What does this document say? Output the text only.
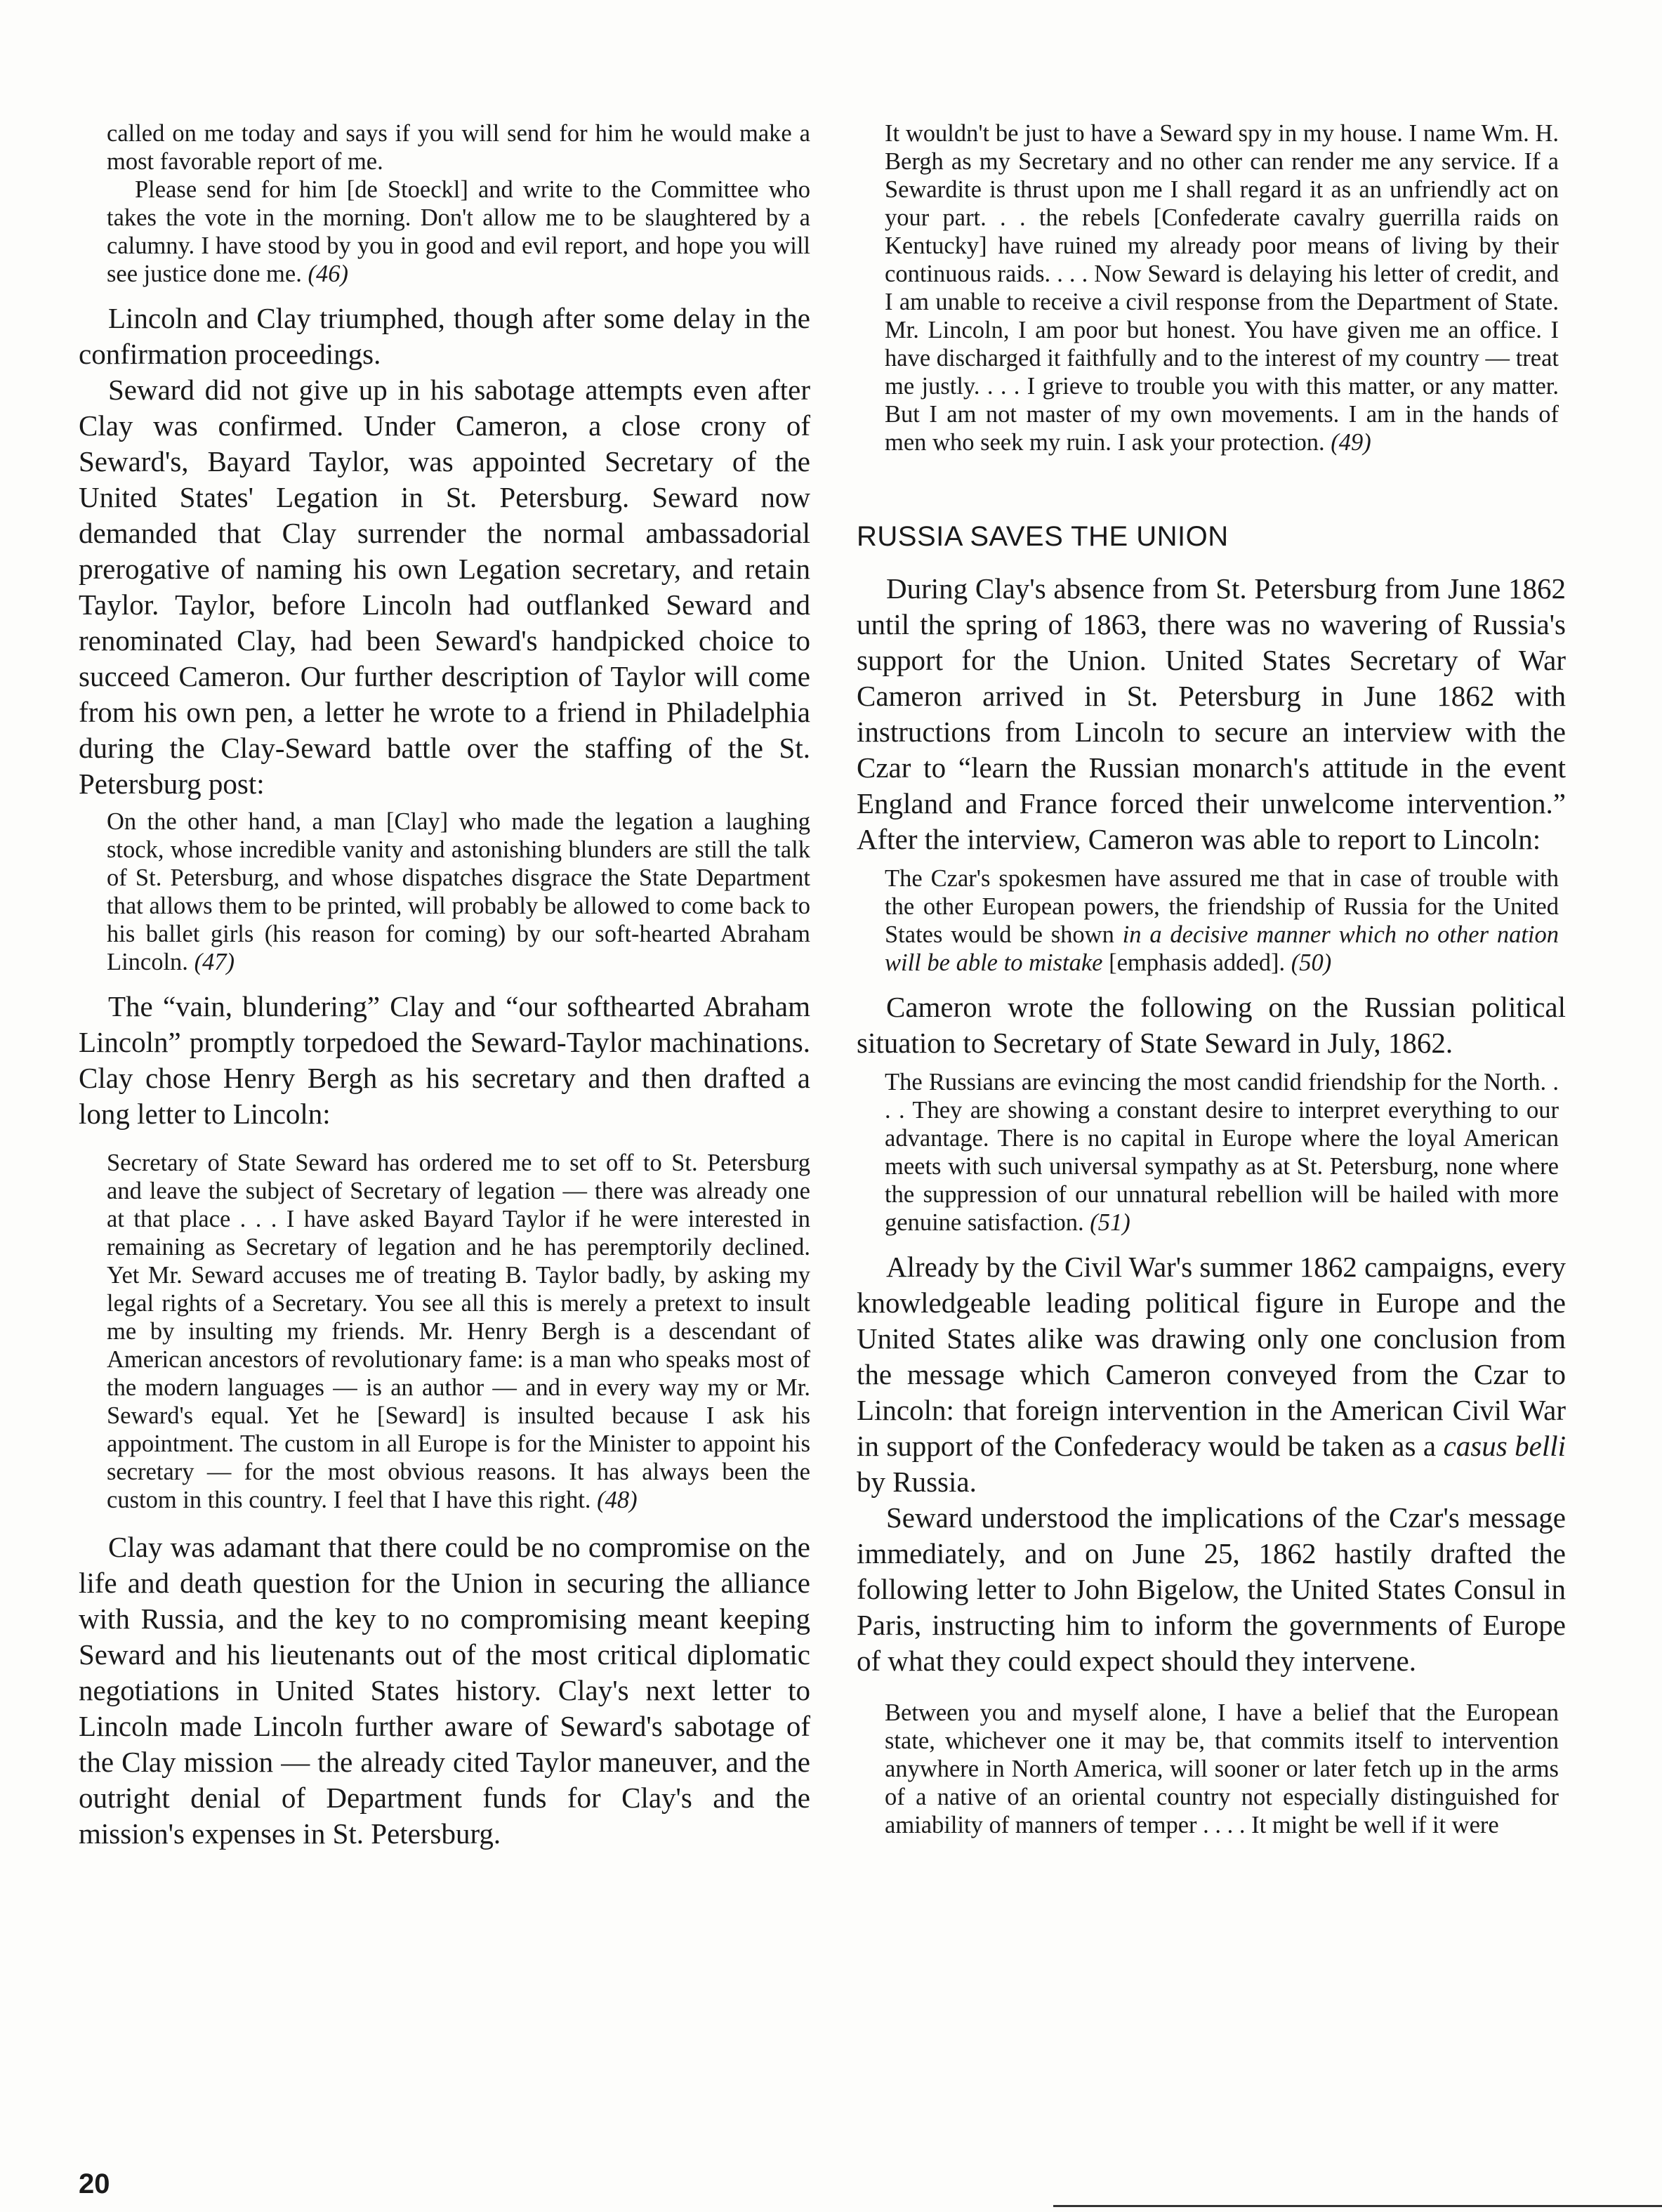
called on me today and says if you will send for him he would make a most favorable report of me.

Please send for him [de Stoeckl] and write to the Committee who takes the vote in the morning. Don't allow me to be slaughtered by a calumny. I have stood by you in good and evil report, and hope you will see justice done me. (46)

Lincoln and Clay triumphed, though after some delay in the confirmation proceedings.

Seward did not give up in his sabotage attempts even after Clay was confirmed. Under Cameron, a close crony of Seward's, Bayard Taylor, was appointed Secretary of the United States' Legation in St. Petersburg. Seward now demanded that Clay surrender the normal ambassadorial prerogative of naming his own Legation secretary, and retain Taylor. Taylor, before Lincoln had outflanked Seward and renominated Clay, had been Seward's handpicked choice to succeed Cameron. Our further description of Taylor will come from his own pen, a letter he wrote to a friend in Philadelphia during the Clay-Seward battle over the staffing of the St. Petersburg post:

On the other hand, a man [Clay] who made the legation a laughing stock, whose incredible vanity and astonishing blunders are still the talk of St. Petersburg, and whose dispatches disgrace the State Department that allows them to be printed, will probably be allowed to come back to his ballet girls (his reason for coming) by our soft-hearted Abraham Lincoln. (47)

The “vain, blundering” Clay and “our softhearted Abraham Lincoln” promptly torpedoed the Seward-Taylor machinations. Clay chose Henry Bergh as his secretary and then drafted a long letter to Lincoln:

Secretary of State Seward has ordered me to set off to St. Petersburg and leave the subject of Secretary of legation — there was already one at that place . . . I have asked Bayard Taylor if he were interested in remaining as Secretary of legation and he has peremptorily declined. Yet Mr. Seward accuses me of treating B. Taylor badly, by asking my legal rights of a Secretary. You see all this is merely a pretext to insult me by insulting my friends. Mr. Henry Bergh is a descendant of American ancestors of revolutionary fame: is a man who speaks most of the modern languages — is an author — and in every way my or Mr. Seward's equal. Yet he [Seward] is insulted because I ask his appointment. The custom in all Europe is for the Minister to appoint his secretary — for the most obvious reasons. It has always been the custom in this country. I feel that I have this right. (48)

Clay was adamant that there could be no compromise on the life and death question for the Union in securing the alliance with Russia, and the key to no compromising meant keeping Seward and his lieutenants out of the most critical diplomatic negotiations in United States history. Clay's next letter to Lincoln made Lincoln further aware of Seward's sabotage of the Clay mission — the already cited Taylor maneuver, and the outright denial of Department funds for Clay's and the mission's expenses in St. Petersburg.

It wouldn't be just to have a Seward spy in my house. I name Wm. H. Bergh as my Secretary and no other can render me any service. If a Sewardite is thrust upon me I shall regard it as an unfriendly act on your part. . . the rebels [Confederate cavalry guerrilla raids on Kentucky] have ruined my already poor means of living by their continuous raids. . . . Now Seward is delaying his letter of credit, and I am unable to receive a civil response from the Department of State. Mr. Lincoln, I am poor but honest. You have given me an office. I have discharged it faithfully and to the interest of my country — treat me justly. . . . I grieve to trouble you with this matter, or any matter. But I am not master of my own movements. I am in the hands of men who seek my ruin. I ask your protection. (49)
RUSSIA SAVES THE UNION

During Clay's absence from St. Petersburg from June 1862 until the spring of 1863, there was no wavering of Russia's support for the Union. United States Secretary of War Cameron arrived in St. Petersburg in June 1862 with instructions from Lincoln to secure an interview with the Czar to “learn the Russian monarch's attitude in the event England and France forced their unwelcome intervention.” After the interview, Cameron was able to report to Lincoln:

The Czar's spokesmen have assured me that in case of trouble with the other European powers, the friendship of Russia for the United States would be shown in a decisive manner which no other nation will be able to mistake [emphasis added]. (50)

Cameron wrote the following on the Russian political situation to Secretary of State Seward in July, 1862.

The Russians are evincing the most candid friendship for the North. . . . They are showing a constant desire to interpret everything to our advantage. There is no capital in Europe where the loyal American meets with such universal sympathy as at St. Petersburg, none where the suppression of our unnatural rebellion will be hailed with more genuine satisfaction. (51)

Already by the Civil War's summer 1862 campaigns, every knowledgeable leading political figure in Europe and the United States alike was drawing only one conclusion from the message which Cameron conveyed from the Czar to Lincoln: that foreign intervention in the American Civil War in support of the Confederacy would be taken as a casus belli by Russia.

Seward understood the implications of the Czar's message immediately, and on June 25, 1862 hastily drafted the following letter to John Bigelow, the United States Consul in Paris, instructing him to inform the governments of Europe of what they could expect should they intervene.

Between you and myself alone, I have a belief that the European state, whichever one it may be, that commits itself to intervention anywhere in North America, will sooner or later fetch up in the arms of a native of an oriental country not especially distinguished for amiability of manners of temper . . . . It might be well if it were
20
